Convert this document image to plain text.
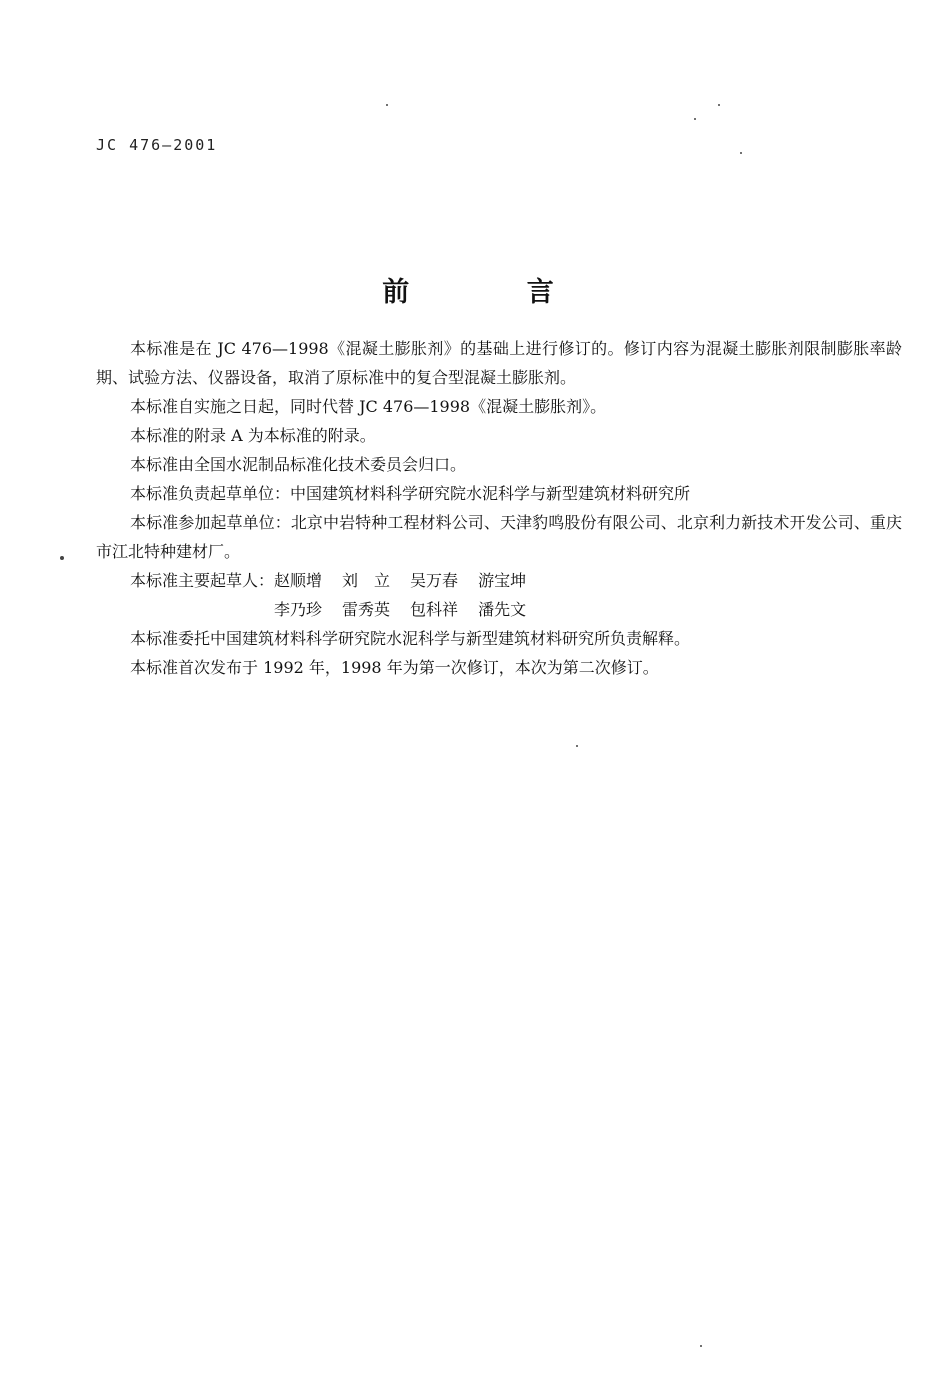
JC 476—2001
前 言

本标准是在 JC 476—1998《混凝土膨胀剂》的基础上进行修订的。修订内容为混凝土膨胀剂限制膨胀率龄期、试验方法、仪器设备，取消了原标准中的复合型混凝土膨胀剂。

本标准自实施之日起，同时代替 JC 476—1998《混凝土膨胀剂》。

本标准的附录 A 为本标准的附录。

本标准由全国水泥制品标准化技术委员会归口。

本标准负责起草单位：中国建筑材料科学研究院水泥科学与新型建筑材料研究所

本标准参加起草单位：北京中岩特种工程材料公司、天津豹鸣股份有限公司、北京利力新技术开发公司、重庆市江北特种建材厂。

本标准主要起草人： 赵顺增 刘　立 吴万春 游宝坤
李乃珍 雷秀英 包科祥 潘先文

本标准委托中国建筑材料科学研究院水泥科学与新型建筑材料研究所负责解释。

本标准首次发布于 1992 年，1998 年为第一次修订，本次为第二次修订。
